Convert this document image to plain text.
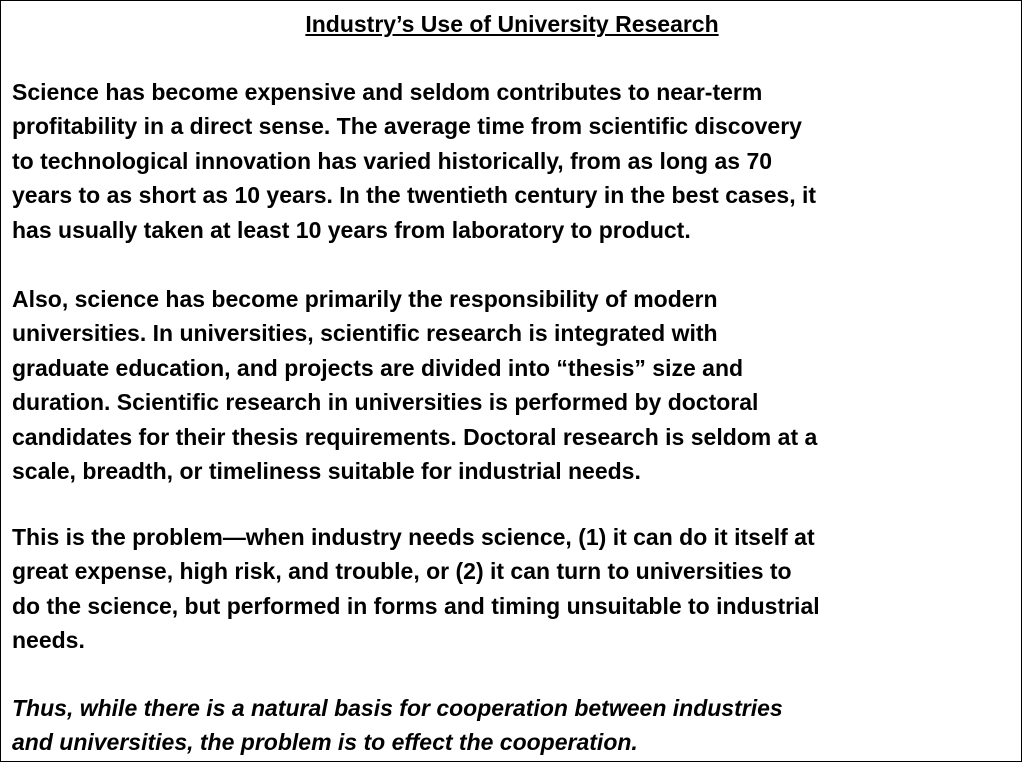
Industry’s Use of University Research

Science has become expensive and seldom contributes to near-term
profitability in a direct sense. The average time from scientific discovery
to technological innovation has varied historically, from as long as 70
years to as short as 10 years. In the twentieth century in the best cases, it
has usually taken at least 10 years from laboratory to product.

Also, science has become primarily the responsibility of modern
universities. In universities, scientific research is integrated with
graduate education, and projects are divided into “thesis” size and
duration. Scientific research in universities is performed by doctoral
candidates for their thesis requirements. Doctoral research is seldom at a
scale, breadth, or timeliness suitable for industrial needs.

This is the problem—when industry needs science, (1) it can do it itself at
great expense, high risk, and trouble, or (2) it can turn to universities to
do the science, but performed in forms and timing unsuitable to industrial
needs.

Thus, while there is a natural basis for cooperation between industries
and universities, the problem is to effect the cooperation.
